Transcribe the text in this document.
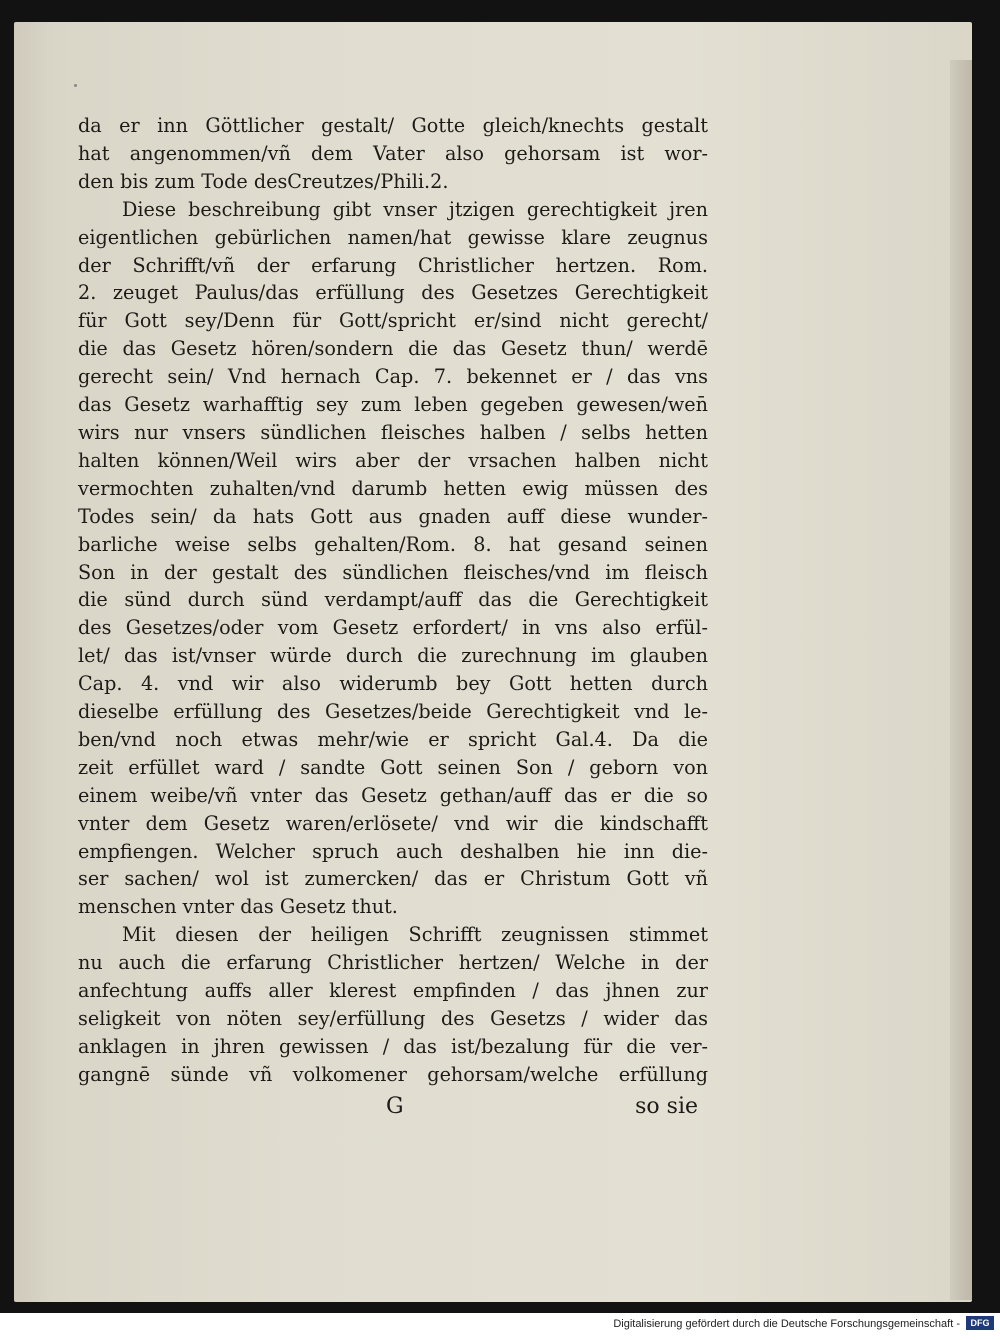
da er inn Göttlicher gestalt/ Gotte gleich/knechts gestalt
hat angenommen/vñ dem Vater also gehorsam ist wor-
den bis zum Tode desCreutzes/Phili.2.
Diese beschreibung gibt vnser jtzigen gerechtigkeit jren
eigentlichen gebürlichen namen/hat gewisse klare zeugnus
der Schrifft/vñ der erfarung Christlicher hertzen. Rom.
2. zeuget Paulus/das erfüllung des Gesetzes Gerechtigkeit
für Gott sey/Denn für Gott/spricht er/sind nicht gerecht/
die das Gesetz hören/sondern die das Gesetz thun/ werdē
gerecht sein/ Vnd hernach Cap. 7. bekennet er / das vns
das Gesetz warhafftig sey zum leben gegeben gewesen/wen̄
wirs nur vnsers sündlichen fleisches halben / selbs hetten
halten können/Weil wirs aber der vrsachen halben nicht
vermochten zuhalten/vnd darumb hetten ewig müssen des
Todes sein/ da hats Gott aus gnaden auff diese wunder-
barliche weise selbs gehalten/Rom. 8. hat gesand seinen
Son in der gestalt des sündlichen fleisches/vnd im fleisch
die sünd durch sünd verdampt/auff das die Gerechtigkeit
des Gesetzes/oder vom Gesetz erfordert/ in vns also erfül-
let/ das ist/vnser würde durch die zurechnung im glauben
Cap. 4. vnd wir also widerumb bey Gott hetten durch
dieselbe erfüllung des Gesetzes/beide Gerechtigkeit vnd le-
ben/vnd noch etwas mehr/wie er spricht Gal.4. Da die
zeit erfüllet ward / sandte Gott seinen Son / geborn von
einem weibe/vñ vnter das Gesetz gethan/auff das er die so
vnter dem Gesetz waren/erlösete/ vnd wir die kindschafft
empfiengen. Welcher spruch auch deshalben hie inn die-
ser sachen/ wol ist zumercken/ das er Christum Gott vñ
menschen vnter das Gesetz thut.
Mit diesen der heiligen Schrifft zeugnissen stimmet
nu auch die erfarung Christlicher hertzen/ Welche in der
anfechtung auffs aller klerest empfinden / das jhnen zur
seligkeit von nöten sey/erfüllung des Gesetzs / wider das
anklagen in jhren gewissen / das ist/bezalung für die ver-
gangnē sünde vñ volkomener gehorsam/welche erfüllung
G	so sie
Digitalisierung gefördert durch die Deutsche Forschungsgemeinschaft -	DFG
